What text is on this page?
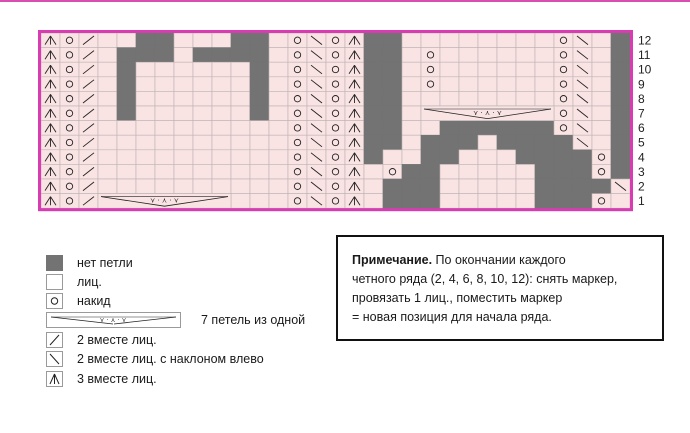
⋎ · ⋏ · ⋎
⋎ · ⋏ · ⋎
12
11
10
9
8
7
6
5
4
3
2
1
нет петли
лиц.
накид
⋎ · ⋏ · ⋎	7 петель из одной
2 вместе лиц.
2 вместе лиц. с наклоном влево
3 вместе лиц.
Примечание. По окончании каждого
четного ряда (2, 4, 6, 8, 10, 12): снять маркер,
провязать 1 лиц., поместить маркер
= новая позиция для начала ряда.
